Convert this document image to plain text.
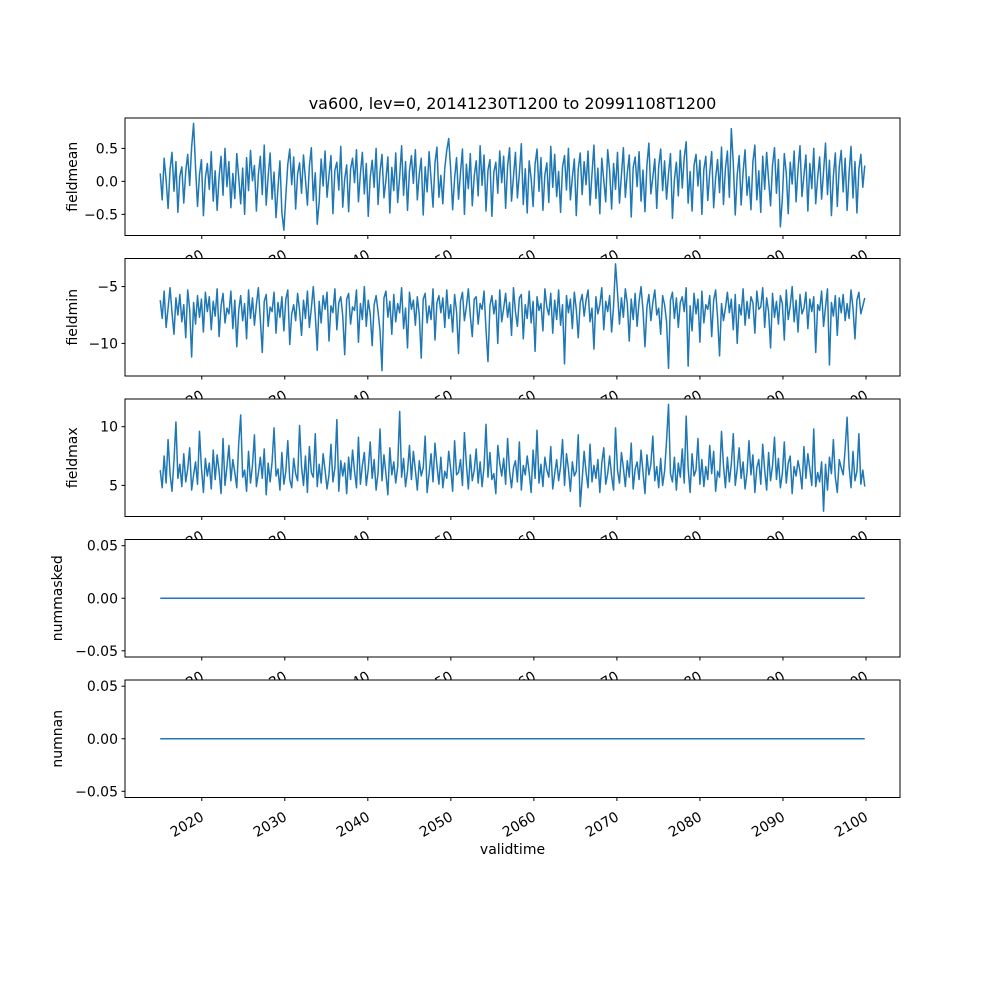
va600, lev=0, 20141230T1200 to 20991108T1200
0.5
0.0
−0.5
−5
−10
10
5
0.05
0.00
−0.05
0.05
0.00
−0.05
2020	2030	2040	2050	2060	2070	2080	2090	2100
fieldmean
fieldmin
fieldmax
nummasked
numnan
validtime
